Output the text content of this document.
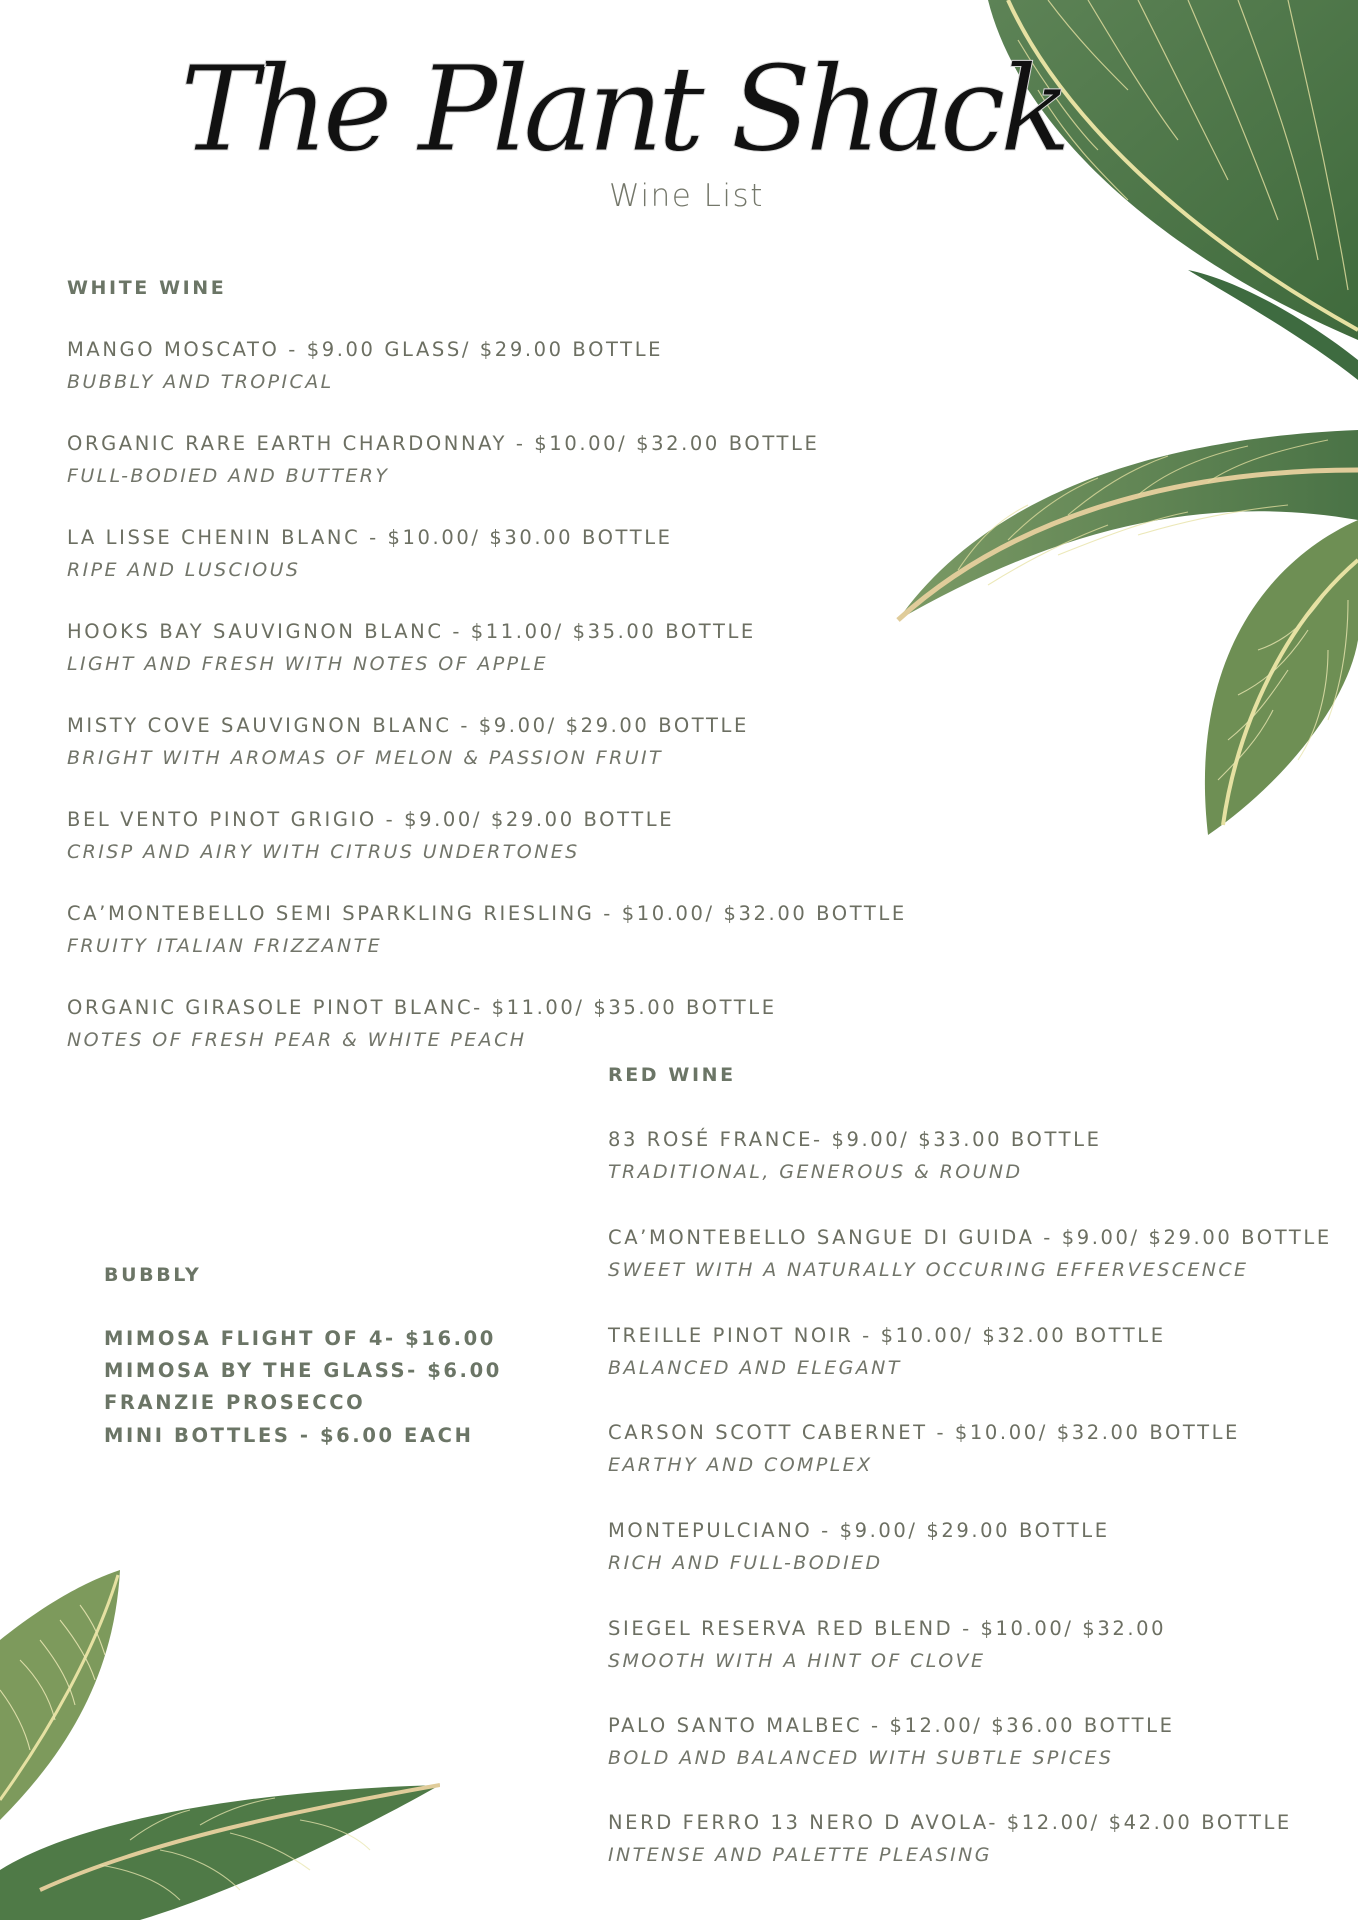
The Plant Shack
Wine List
WHITE WINE
MANGO MOSCATO - $9.00 GLASS/ $29.00 BOTTLE
BUBBLY AND TROPICAL
ORGANIC RARE EARTH CHARDONNAY - $10.00/ $32.00 BOTTLE
FULL-BODIED AND BUTTERY
LA LISSE CHENIN BLANC - $10.00/ $30.00 BOTTLE
RIPE AND LUSCIOUS
HOOKS BAY SAUVIGNON BLANC - $11.00/ $35.00 BOTTLE
LIGHT AND FRESH WITH NOTES OF APPLE
MISTY COVE SAUVIGNON BLANC - $9.00/ $29.00 BOTTLE
BRIGHT WITH AROMAS OF MELON & PASSION FRUIT
BEL VENTO PINOT GRIGIO - $9.00/ $29.00 BOTTLE
CRISP AND AIRY WITH CITRUS UNDERTONES
CA’MONTEBELLO SEMI SPARKLING RIESLING - $10.00/ $32.00 BOTTLE
FRUITY ITALIAN FRIZZANTE
ORGANIC GIRASOLE PINOT BLANC- $11.00/ $35.00 BOTTLE
NOTES OF FRESH PEAR & WHITE PEACH
RED WINE
83 ROSÉ FRANCE- $9.00/ $33.00 BOTTLE
TRADITIONAL, GENEROUS & ROUND
CA’MONTEBELLO SANGUE DI GUIDA - $9.00/ $29.00 BOTTLE
SWEET WITH A NATURALLY OCCURING EFFERVESCENCE
TREILLE PINOT NOIR - $10.00/ $32.00 BOTTLE
BALANCED AND ELEGANT
CARSON SCOTT CABERNET - $10.00/ $32.00 BOTTLE
EARTHY AND COMPLEX
MONTEPULCIANO - $9.00/ $29.00 BOTTLE
RICH AND FULL-BODIED
SIEGEL RESERVA RED BLEND - $10.00/ $32.00
SMOOTH WITH A HINT OF CLOVE
PALO SANTO MALBEC - $12.00/ $36.00 BOTTLE
BOLD AND BALANCED WITH SUBTLE SPICES
NERD FERRO 13 NERO D AVOLA- $12.00/ $42.00 BOTTLE
INTENSE AND PALETTE PLEASING
BUBBLY
MIMOSA FLIGHT OF 4- $16.00
MIMOSA BY THE GLASS- $6.00
FRANZIE PROSECCO
MINI BOTTLES - $6.00 EACH
